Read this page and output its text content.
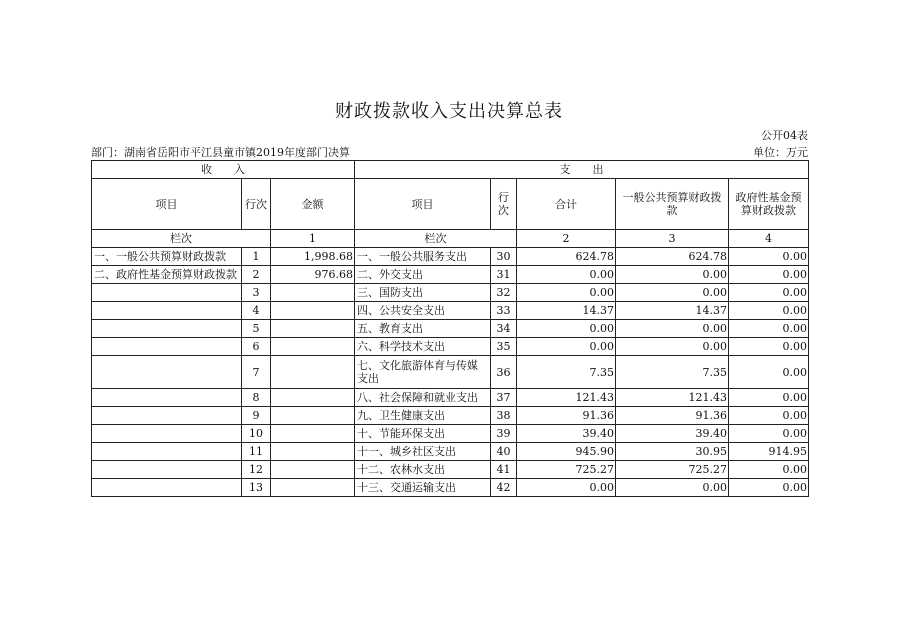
财政拨款收入支出决算总表
公开04表
部门：湖南省岳阳市平江县童市镇2019年度部门决算	单位：万元
收　　入			支　　出				
项目	行次	金额	项目	行次	合计	一般公共预算财政拨款	政府性基金预算财政拨款
栏次		1	栏次		2	3	4
一、一般公共预算财政拨款	1	1,998.68	一、一般公共服务支出	30	624.78	624.78	0.00
二、政府性基金预算财政拨款	2	976.68	二、外交支出	31	0.00	0.00	0.00
	3		三、国防支出	32	0.00	0.00	0.00
	4		四、公共安全支出	33	14.37	14.37	0.00
	5		五、教育支出	34	0.00	0.00	0.00
	6		六、科学技术支出	35	0.00	0.00	0.00
	7		七、文化旅游体育与传媒支出	36	7.35	7.35	0.00
	8		八、社会保障和就业支出	37	121.43	121.43	0.00
	9		九、卫生健康支出	38	91.36	91.36	0.00
	10		十、节能环保支出	39	39.40	39.40	0.00
	11		十一、城乡社区支出	40	945.90	30.95	914.95
	12		十二、农林水支出	41	725.27	725.27	0.00
	13		十三、交通运输支出	42	0.00	0.00	0.00
